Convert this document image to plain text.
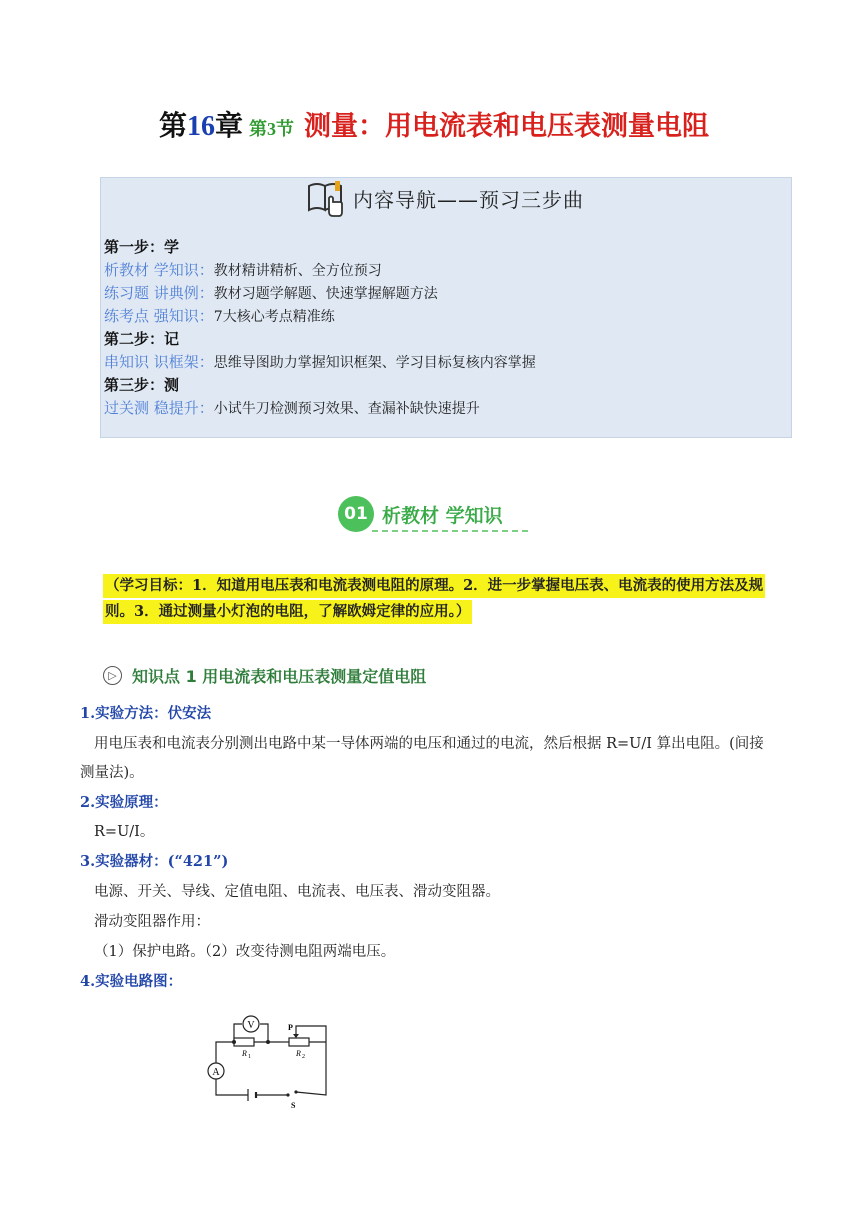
第16章 第3节 测量：用电流表和电压表测量电阻
内容导航——预习三步曲
第一步：学
析教材 学知识：教材精讲精析、全方位预习
练习题 讲典例：教材习题学解题、快速掌握解题方法
练考点 强知识：7大核心考点精准练
第二步：记
串知识 识框架：思维导图助力掌握知识框架、学习目标复核内容掌握
第三步：测
过关测 稳提升：小试牛刀检测预习效果、查漏补缺快速提升
01 析教材 学知识
（学习目标：1．知道用电压表和电流表测电阻的原理。2．进一步掌握电压表、电流表的使用方法及规
则。3．通过测量小灯泡的电阻，了解欧姆定律的应用。）
▷ 知识点 1 用电流表和电压表测量定值电阻
1.实验方法：伏安法
用电压表和电流表分别测出电路中某一导体两端的电压和通过的电流，然后根据 R=U/I 算出电阻。(间接
测量法)。
2.实验原理：
R=U/I。
3.实验器材：(“421”)
电源、开关、导线、定值电阻、电流表、电压表、滑动变阻器。
滑动变阻器作用：
（1）保护电路。（2）改变待测电阻两端电压。
4.实验电路图：
V
A
R 1	R 2
P
S
